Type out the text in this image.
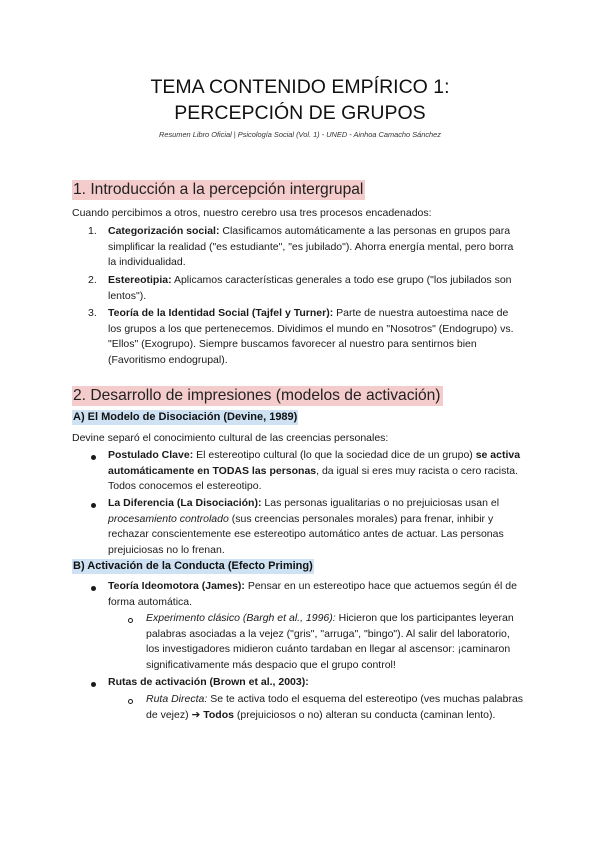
TEMA CONTENIDO EMPÍRICO 1:
PERCEPCIÓN DE GRUPOS
Resumen Libro Oficial | Psicología Social (Vol. 1) - UNED - Ainhoa Camacho Sánchez
1. Introducción a la percepción intergrupal
Cuando percibimos a otros, nuestro cerebro usa tres procesos encadenados:
1.	Categorización social: Clasificamos automáticamente a las personas en grupos para simplificar la realidad ("es estudiante", "es jubilado"). Ahorra energía mental, pero borra la individualidad.
2.	Estereotipia: Aplicamos características generales a todo ese grupo ("los jubilados son lentos").
3.	Teoría de la Identidad Social (Tajfel y Turner): Parte de nuestra autoestima nace de los grupos a los que pertenecemos. Dividimos el mundo en "Nosotros" (Endogrupo) vs. "Ellos" (Exogrupo). Siempre buscamos favorecer al nuestro para sentirnos bien (Favoritismo endogrupal).
2. Desarrollo de impresiones (modelos de activación)
A) El Modelo de Disociación (Devine, 1989)
Devine separó el conocimiento cultural de las creencias personales:
Postulado Clave: El estereotipo cultural (lo que la sociedad dice de un grupo) se activa automáticamente en TODAS las personas, da igual si eres muy racista o cero racista. Todos conocemos el estereotipo.
La Diferencia (La Disociación): Las personas igualitarias o no prejuiciosas usan el procesamiento controlado (sus creencias personales morales) para frenar, inhibir y rechazar conscientemente ese estereotipo automático antes de actuar. Las personas prejuiciosas no lo frenan.
B) Activación de la Conducta (Efecto Priming)
Teoría Ideomotora (James): Pensar en un estereotipo hace que actuemos según él de forma automática.
Experimento clásico (Bargh et al., 1996): Hicieron que los participantes leyeran palabras asociadas a la vejez ("gris", "arruga", "bingo"). Al salir del laboratorio, los investigadores midieron cuánto tardaban en llegar al ascensor: ¡caminaron significativamente más despacio que el grupo control!
Rutas de activación (Brown et al., 2003):
Ruta Directa: Se te activa todo el esquema del estereotipo (ves muchas palabras de vejez) ➔ Todos (prejuiciosos o no) alteran su conducta (caminan lento).
